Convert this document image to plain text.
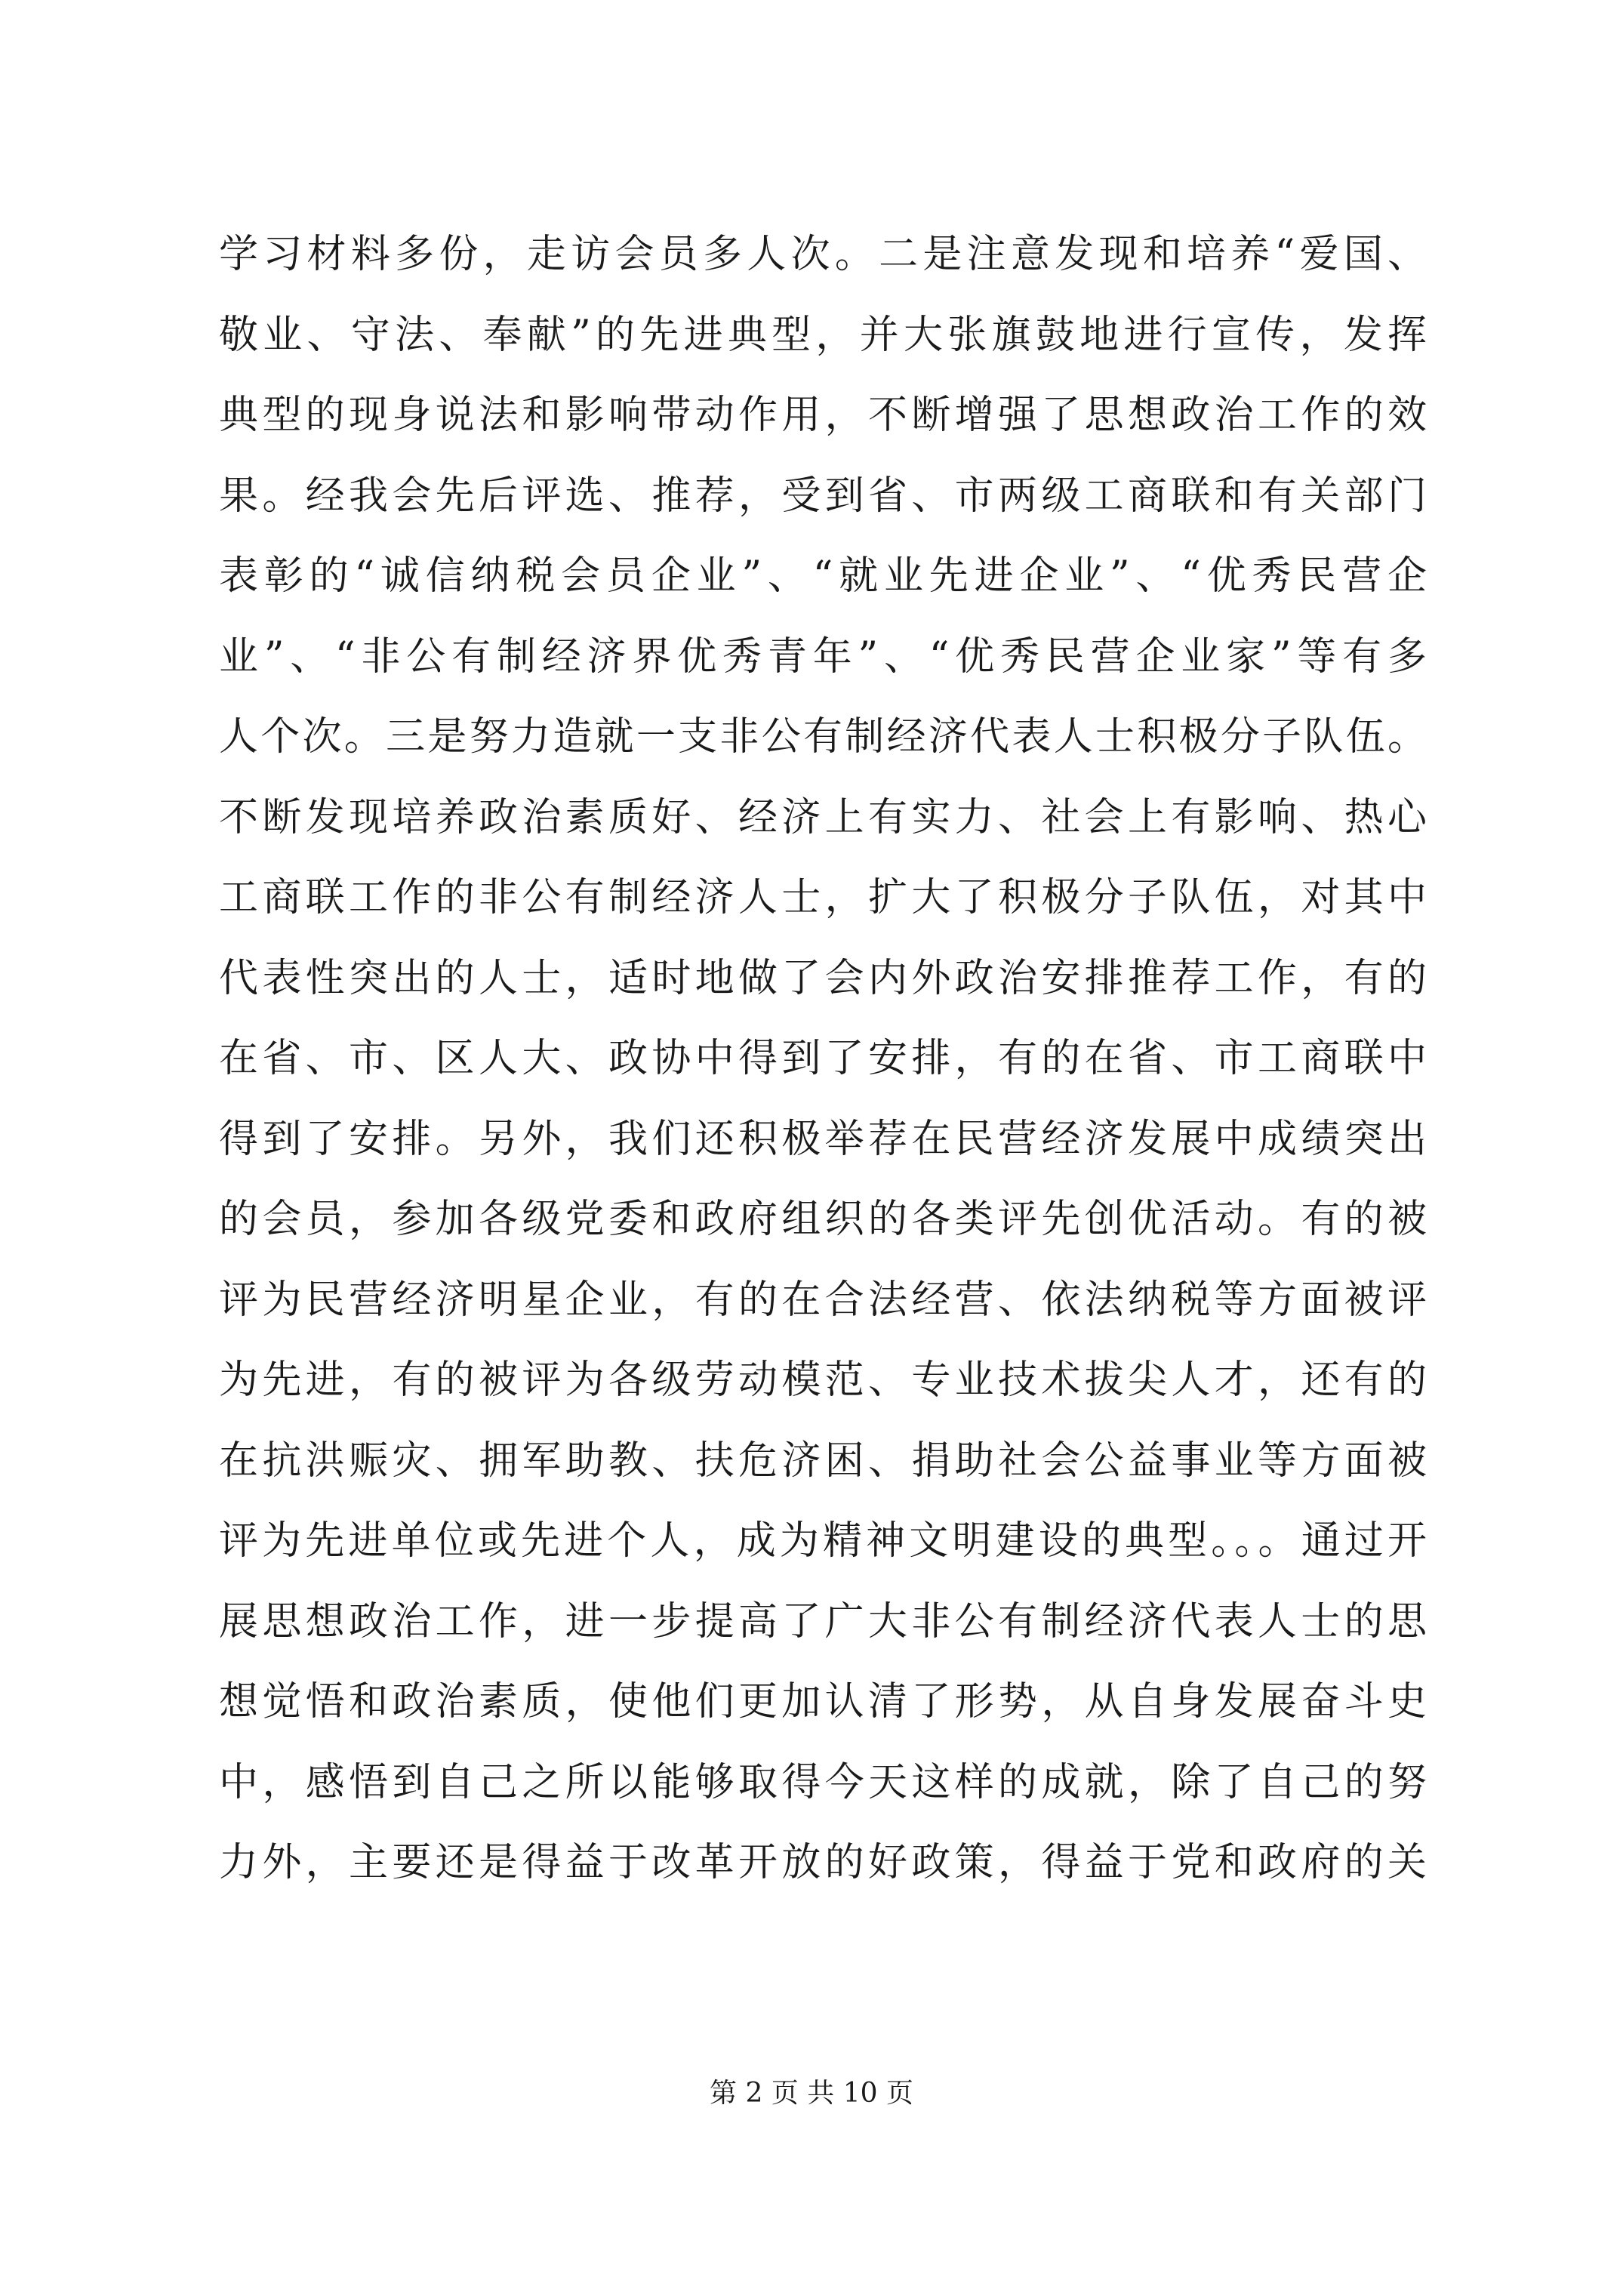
学习材料多份，走访会员多人次。二是注意发现和培养“爱国、
敬业、守法、奉献”的先进典型，并大张旗鼓地进行宣传，发挥
典型的现身说法和影响带动作用，不断增强了思想政治工作的效
果。经我会先后评选、推荐，受到省、市两级工商联和有关部门
表彰的“诚信纳税会员企业”、“就业先进企业”、“优秀民营企
业”、“非公有制经济界优秀青年”、“优秀民营企业家”等有多
人个次。三是努力造就一支非公有制经济代表人士积极分子队伍。
不断发现培养政治素质好、经济上有实力、社会上有影响、热心
工商联工作的非公有制经济人士，扩大了积极分子队伍，对其中
代表性突出的人士，适时地做了会内外政治安排推荐工作，有的
在省、市、区人大、政协中得到了安排，有的在省、市工商联中
得到了安排。另外，我们还积极举荐在民营经济发展中成绩突出
的会员，参加各级党委和政府组织的各类评先创优活动。有的被
评为民营经济明星企业，有的在合法经营、依法纳税等方面被评
为先进，有的被评为各级劳动模范、专业技术拔尖人才，还有的
在抗洪赈灾、拥军助教、扶危济困、捐助社会公益事业等方面被
评为先进单位或先进个人，成为精神文明建设的典型。。。通过开
展思想政治工作，进一步提高了广大非公有制经济代表人士的思
想觉悟和政治素质，使他们更加认清了形势，从自身发展奋斗史
中，感悟到自己之所以能够取得今天这样的成就，除了自己的努
力外，主要还是得益于改革开放的好政策，得益于党和政府的关
第 2 页 共 10 页
